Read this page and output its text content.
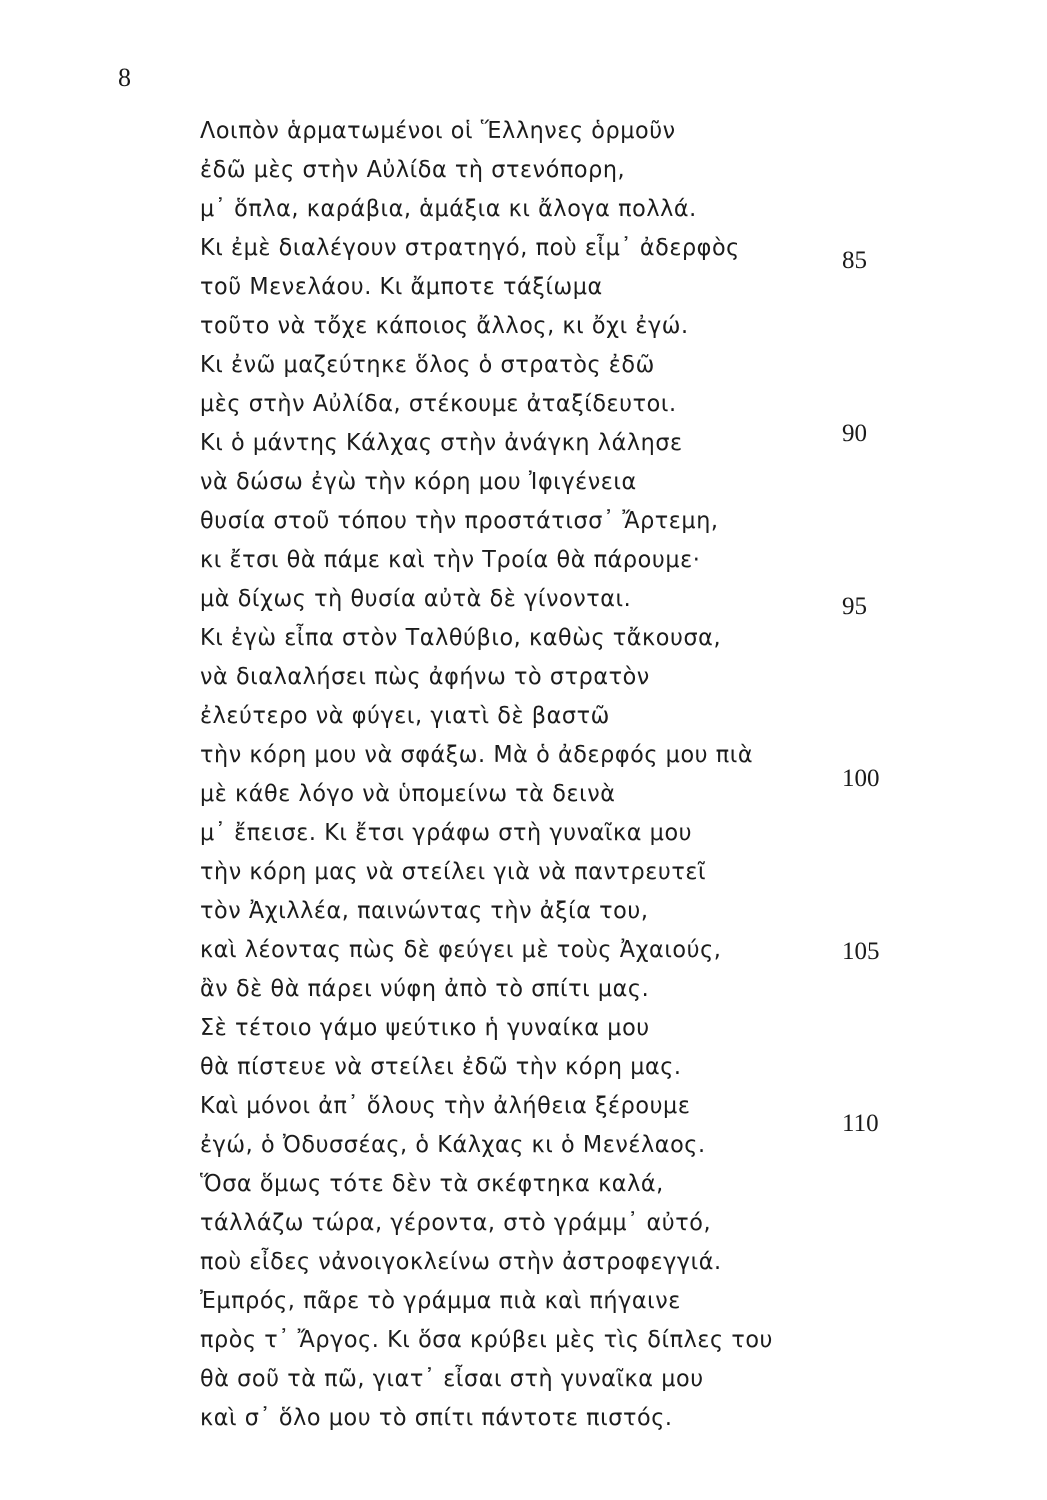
8
Λοιπὸν ἁρματωμένοι οἱ Ἕλληνες ὁρμοῦν
ἐδῶ μὲς στὴν Αὐλίδα τὴ στενόπορη,
μ᾽ ὅπλα, καράβια, ἁμάξια κι ἄλογα πολλά.
Κι ἐμὲ διαλέγουν στρατηγό, ποὺ εἶμ᾽ ἀδερφὸς
τοῦ Μενελάου. Κι ἄμποτε τάξίωμα
τοῦτο νὰ τὄχε κάποιος ἄλλος, κι ὄχι ἐγώ.
Κι ἐνῶ μαζεύτηκε ὅλος ὁ στρατὸς ἐδῶ
μὲς στὴν Αὐλίδα, στέκουμε ἀταξίδευτοι.
Κι ὁ μάντης Κάλχας στὴν ἀνάγκη λάλησε
νὰ δώσω ἐγὼ τὴν κόρη μου Ἰφιγένεια
θυσία στοῦ τόπου τὴν προστάτισσ᾽ Ἄρτεμη,
κι ἔτσι θὰ πάμε καὶ τὴν Τροία θὰ πάρουμε·
μὰ δίχως τὴ θυσία αὐτὰ δὲ γίνονται.
Κι ἐγὼ εἶπα στὸν Ταλθύβιο, καθὼς τἄκουσα,
νὰ διαλαλήσει πὼς ἀφήνω τὸ στρατὸν
ἐλεύτερο νὰ φύγει, γιατὶ δὲ βαστῶ
τὴν κόρη μου νὰ σφάξω. Μὰ ὁ ἀδερφός μου πιὰ
μὲ κάθε λόγο νὰ ὑπομείνω τὰ δεινὰ
μ᾽ ἔπεισε. Κι ἔτσι γράφω στὴ γυναῖκα μου
τὴν κόρη μας νὰ στείλει γιὰ νὰ παντρευτεῖ
τὸν Ἀχιλλέα, παινώντας τὴν ἀξία του,
καὶ λέοντας πὼς δὲ φεύγει μὲ τοὺς Ἀχαιούς,
ἂν δὲ θὰ πάρει νύφη ἀπὸ τὸ σπίτι μας.
Σὲ τέτοιο γάμο ψεύτικο ἡ γυναίκα μου
θὰ πίστευε νὰ στείλει ἐδῶ τὴν κόρη μας.
Καὶ μόνοι ἀπ᾽ ὅλους τὴν ἀλήθεια ξέρουμε
ἐγώ, ὁ Ὀδυσσέας, ὁ Κάλχας κι ὁ Μενέλαος.
Ὅσα ὅμως τότε δὲν τὰ σκέφτηκα καλά,
τάλλάζω τώρα, γέροντα, στὸ γράμμ᾽ αὐτό,
ποὺ εἶδες νἀνοιγοκλείνω στὴν ἀστροφεγγιά.
Ἐμπρός, πᾶρε τὸ γράμμα πιὰ καὶ πήγαινε
πρὸς τ᾽ Ἄργος. Κι ὅσα κρύβει μὲς τὶς δίπλες του
θὰ σοῦ τὰ πῶ, γιατ᾽ εἶσαι στὴ γυναῖκα μου
καὶ σ᾽ ὅλο μου τὸ σπίτι πάντοτε πιστός.
85
90
95
100
105
110
